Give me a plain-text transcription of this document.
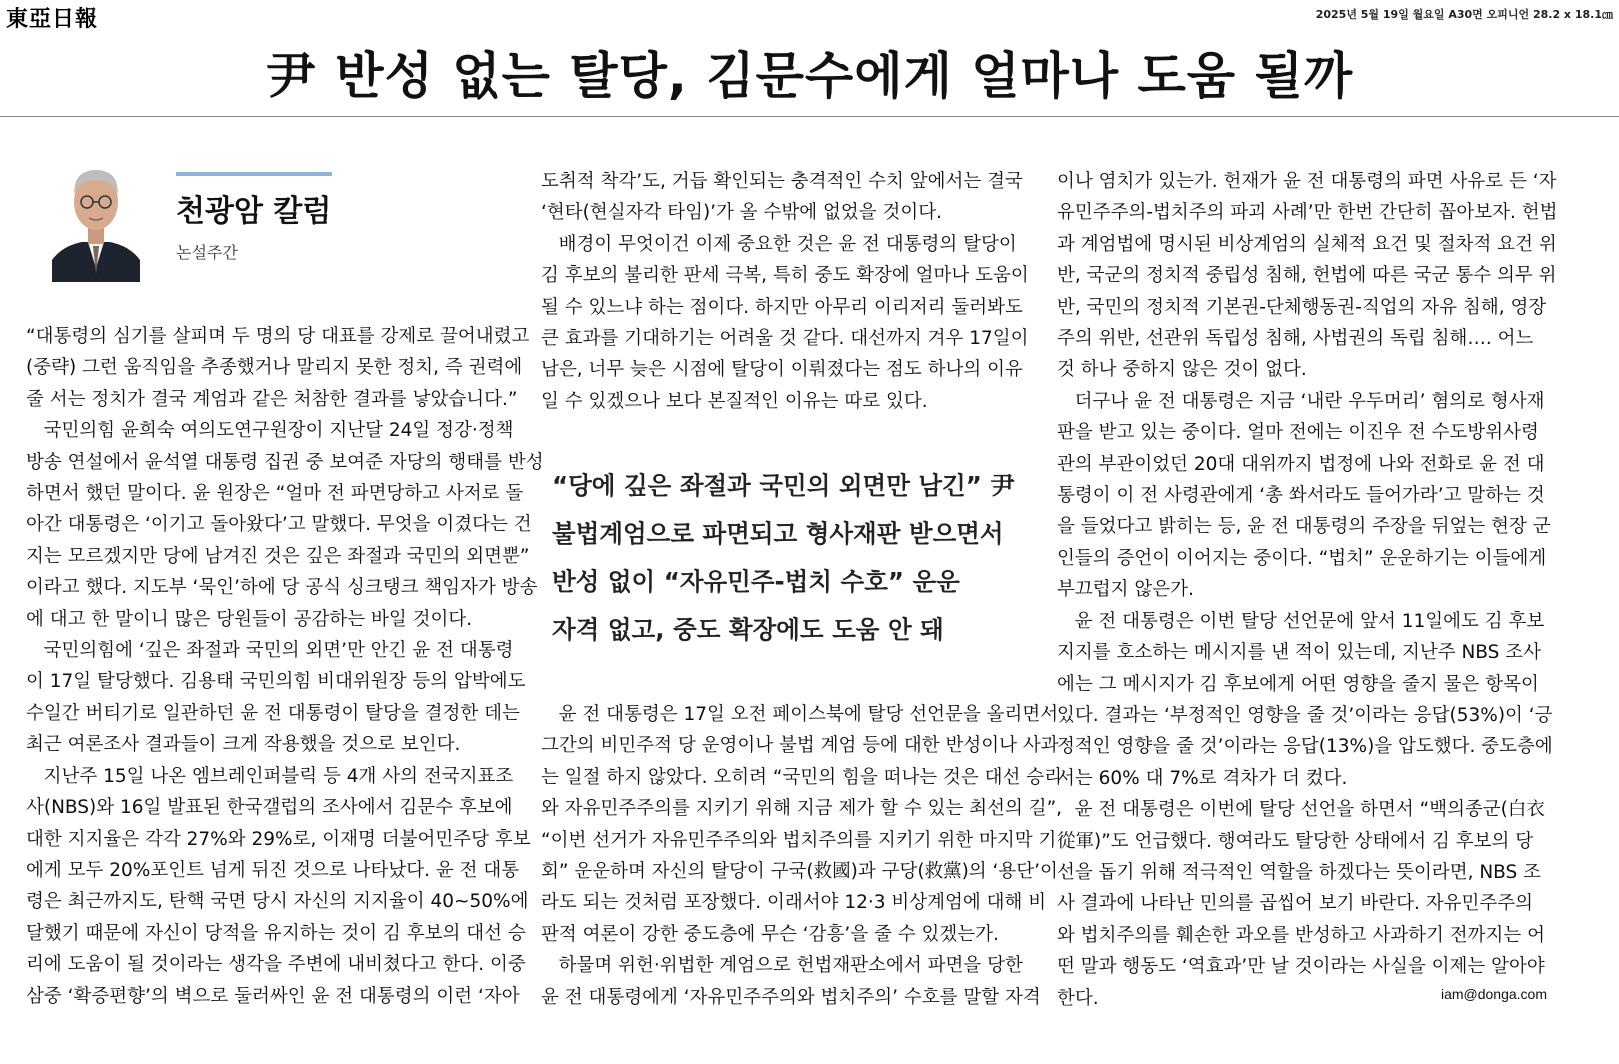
東亞日報	2025년 5월 19일 월요일 A30면 오피니언 28.2 x 18.1㎝
尹 반성 없는 탈당, 김문수에게 얼마나 도움 될까
천광암 칼럼
논설주간

“대통령의 심기를 살피며 두 명의 당 대표를 강제로 끌어내렸고

(중략) 그런 움직임을 추종했거나 말리지 못한 정치, 즉 권력에

줄 서는 정치가 결국 계엄과 같은 처참한 결과를 낳았습니다.”

국민의힘 윤희숙 여의도연구원장이 지난달 24일 정강·정책

방송 연설에서 윤석열 대통령 집권 중 보여준 자당의 행태를 반성

하면서 했던 말이다. 윤 원장은 “얼마 전 파면당하고 사저로 돌

아간 대통령은 ‘이기고 돌아왔다’고 말했다. 무엇을 이겼다는 건

지는 모르겠지만 당에 남겨진 것은 깊은 좌절과 국민의 외면뿐”

이라고 했다. 지도부 ‘묵인’하에 당 공식 싱크탱크 책임자가 방송

에 대고 한 말이니 많은 당원들이 공감하는 바일 것이다.

국민의힘에 ‘깊은 좌절과 국민의 외면’만 안긴 윤 전 대통령

이 17일 탈당했다. 김용태 국민의힘 비대위원장 등의 압박에도

수일간 버티기로 일관하던 윤 전 대통령이 탈당을 결정한 데는

최근 여론조사 결과들이 크게 작용했을 것으로 보인다.

지난주 15일 나온 엠브레인퍼블릭 등 4개 사의 전국지표조

사(NBS)와 16일 발표된 한국갤럽의 조사에서 김문수 후보에

대한 지지율은 각각 27%와 29%로, 이재명 더불어민주당 후보

에게 모두 20%포인트 넘게 뒤진 것으로 나타났다. 윤 전 대통

령은 최근까지도, 탄핵 국면 당시 자신의 지지율이 40∼50%에

달했기 때문에 자신이 당적을 유지하는 것이 김 후보의 대선 승

리에 도움이 될 것이라는 생각을 주변에 내비쳤다고 한다. 이중

삼중 ‘확증편향’의 벽으로 둘러싸인 윤 전 대통령의 이런 ‘자아

도취적 착각’도, 거듭 확인되는 충격적인 수치 앞에서는 결국

‘현타(현실자각 타임)’가 올 수밖에 없었을 것이다.

배경이 무엇이건 이제 중요한 것은 윤 전 대통령의 탈당이

김 후보의 불리한 판세 극복, 특히 중도 확장에 얼마나 도움이

될 수 있느냐 하는 점이다. 하지만 아무리 이리저리 둘러봐도

큰 효과를 기대하기는 어려울 것 같다. 대선까지 겨우 17일이

남은, 너무 늦은 시점에 탈당이 이뤄졌다는 점도 하나의 이유

일 수 있겠으나 보다 본질적인 이유는 따로 있다.

“당에 깊은 좌절과 국민의 외면만 남긴” 尹

불법계엄으로 파면되고 형사재판 받으면서

반성 없이 “자유민주-법치 수호” 운운

자격 없고, 중도 확장에도 도움 안 돼

윤 전 대통령은 17일 오전 페이스북에 탈당 선언문을 올리면서

그간의 비민주적 당 운영이나 불법 계엄 등에 대한 반성이나 사과

는 일절 하지 않았다. 오히려 “국민의 힘을 떠나는 것은 대선 승리

와 자유민주주의를 지키기 위해 지금 제가 할 수 있는 최선의 길”,

“이번 선거가 자유민주주의와 법치주의를 지키기 위한 마지막 기

회” 운운하며 자신의 탈당이 구국(救國)과 구당(救黨)의 ‘용단’이

라도 되는 것처럼 포장했다. 이래서야 12·3 비상계엄에 대해 비

판적 여론이 강한 중도층에 무슨 ‘감흥’을 줄 수 있겠는가.

하물며 위헌·위법한 계엄으로 헌법재판소에서 파면을 당한

윤 전 대통령에게 ‘자유민주주의와 법치주의’ 수호를 말할 자격

이나 염치가 있는가. 헌재가 윤 전 대통령의 파면 사유로 든 ‘자

유민주주의-법치주의 파괴 사례’만 한번 간단히 꼽아보자. 헌법

과 계엄법에 명시된 비상계엄의 실체적 요건 및 절차적 요건 위

반, 국군의 정치적 중립성 침해, 헌법에 따른 국군 통수 의무 위

반, 국민의 정치적 기본권-단체행동권-직업의 자유 침해, 영장

주의 위반, 선관위 독립성 침해, 사법권의 독립 침해…. 어느

것 하나 중하지 않은 것이 없다.

더구나 윤 전 대통령은 지금 ‘내란 우두머리’ 혐의로 형사재

판을 받고 있는 중이다. 얼마 전에는 이진우 전 수도방위사령

관의 부관이었던 20대 대위까지 법정에 나와 전화로 윤 전 대

통령이 이 전 사령관에게 ‘총 쏴서라도 들어가라’고 말하는 것

을 들었다고 밝히는 등, 윤 전 대통령의 주장을 뒤엎는 현장 군

인들의 증언이 이어지는 중이다. “법치” 운운하기는 이들에게

부끄럽지 않은가.

윤 전 대통령은 이번 탈당 선언문에 앞서 11일에도 김 후보

지지를 호소하는 메시지를 낸 적이 있는데, 지난주 NBS 조사

에는 그 메시지가 김 후보에게 어떤 영향을 줄지 물은 항목이

있다. 결과는 ‘부정적인 영향을 줄 것’이라는 응답(53%)이 ‘긍

정적인 영향을 줄 것’이라는 응답(13%)을 압도했다. 중도층에

서는 60% 대 7%로 격차가 더 컸다.

윤 전 대통령은 이번에 탈당 선언을 하면서 “백의종군(白衣

從軍)”도 언급했다. 행여라도 탈당한 상태에서 김 후보의 당

선을 돕기 위해 적극적인 역할을 하겠다는 뜻이라면, NBS 조

사 결과에 나타난 민의를 곱씹어 보기 바란다. 자유민주주의

와 법치주의를 훼손한 과오를 반성하고 사과하기 전까지는 어

떤 말과 행동도 ‘역효과’만 날 것이라는 사실을 이제는 알아야

한다.	iam@donga.com
